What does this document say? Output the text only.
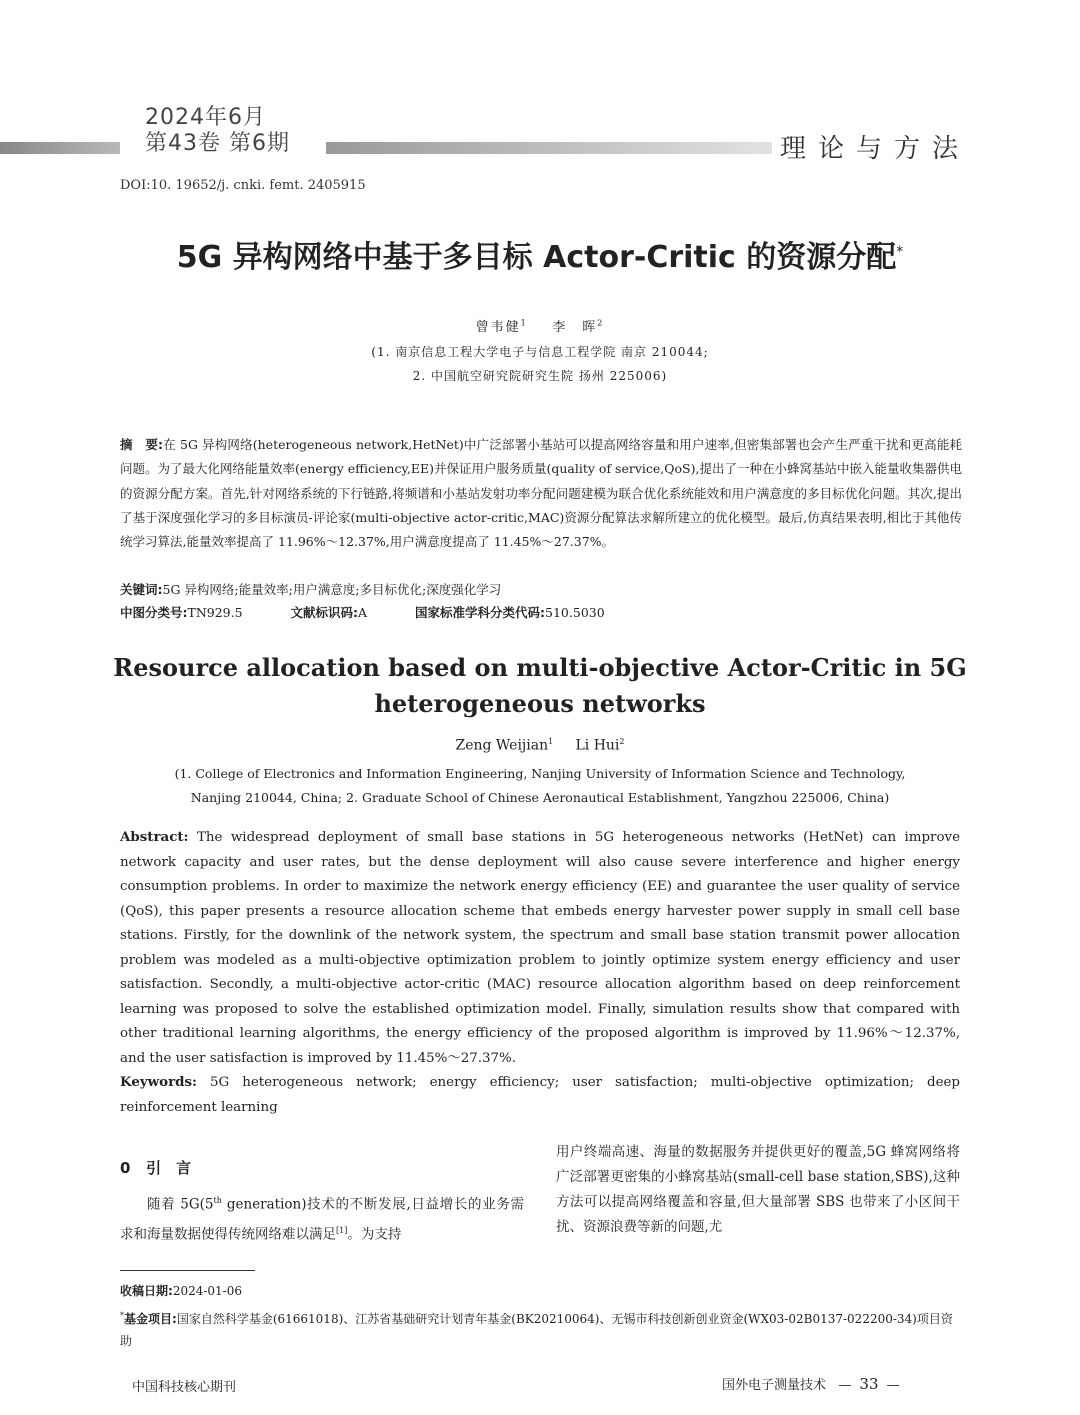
2024年6月
第43卷 第6期	理论与方法
DOI:10. 19652/j. cnki. femt. 2405915
5G 异构网络中基于多目标 Actor-Critic 的资源分配*
曾韦健$^1$ 李　晖$^2$
(1. 南京信息工程大学电子与信息工程学院 南京 210044;
2. 中国航空研究院研究生院 扬州 225006)
摘　要:在 5G 异构网络(heterogeneous network,HetNet)中广泛部署小基站可以提高网络容量和用户速率,但密集部署也会产生严重干扰和更高能耗问题。为了最大化网络能量效率(energy efficiency,EE)并保证用户服务质量(quality of service,QoS),提出了一种在小蜂窝基站中嵌入能量收集器供电的资源分配方案。首先,针对网络系统的下行链路,将频谱和小基站发射功率分配问题建模为联合优化系统能效和用户满意度的多目标优化问题。其次,提出了基于深度强化学习的多目标演员-评论家(multi-objective actor-critic,MAC)资源分配算法求解所建立的优化模型。最后,仿真结果表明,相比于其他传统学习算法,能量效率提高了 11.96%～12.37%,用户满意度提高了 11.45%～27.37%。
关键词:5G 异构网络;能量效率;用户满意度;多目标优化;深度强化学习
中图分类号:TN929.5	文献标识码:A	国家标准学科分类代码:510.5030
Resource allocation based on multi-objective Actor-Critic in 5G
heterogeneous networks
Zeng Weijian$^1$ Li Hui$^2$
(1. College of Electronics and Information Engineering, Nanjing University of Information Science and Technology,
Nanjing 210044, China; 2. Graduate School of Chinese Aeronautical Establishment, Yangzhou 225006, China)
Abstract: The widespread deployment of small base stations in 5G heterogeneous networks (HetNet) can improve network capacity and user rates, but the dense deployment will also cause severe interference and higher energy consumption problems. In order to maximize the network energy efficiency (EE) and guarantee the user quality of service (QoS), this paper presents a resource allocation scheme that embeds energy harvester power supply in small cell base stations. Firstly, for the downlink of the network system, the spectrum and small base station transmit power allocation problem was modeled as a multi-objective optimization problem to jointly optimize system energy efficiency and user satisfaction. Secondly, a multi-objective actor-critic (MAC) resource allocation algorithm based on deep reinforcement learning was proposed to solve the established optimization model. Finally, simulation results show that compared with other traditional learning algorithms, the energy efficiency of the proposed algorithm is improved by 11.96%～12.37%, and the user satisfaction is improved by 11.45%～27.37%.
Keywords: 5G heterogeneous network; energy efficiency; user satisfaction; multi-objective optimization; deep reinforcement learning
0 引　言
随着 5G(5th generation)技术的不断发展,日益增长的业务需求和海量数据使得传统网络难以满足[1]。为支持
用户终端高速、海量的数据服务并提供更好的覆盖,5G 蜂窝网络将广泛部署更密集的小蜂窝基站(small-cell base station,SBS),这种方法可以提高网络覆盖和容量,但大量部署 SBS 也带来了小区间干扰、资源浪费等新的问题,尤
收稿日期:2024-01-06
*基金项目:国家自然科学基金(61661018)、江苏省基础研究计划青年基金(BK20210064)、无锡市科技创新创业资金(WX03-02B0137-022200-34)项目资助
中国科技核心期刊	国外电子测量技术 — 33 —
